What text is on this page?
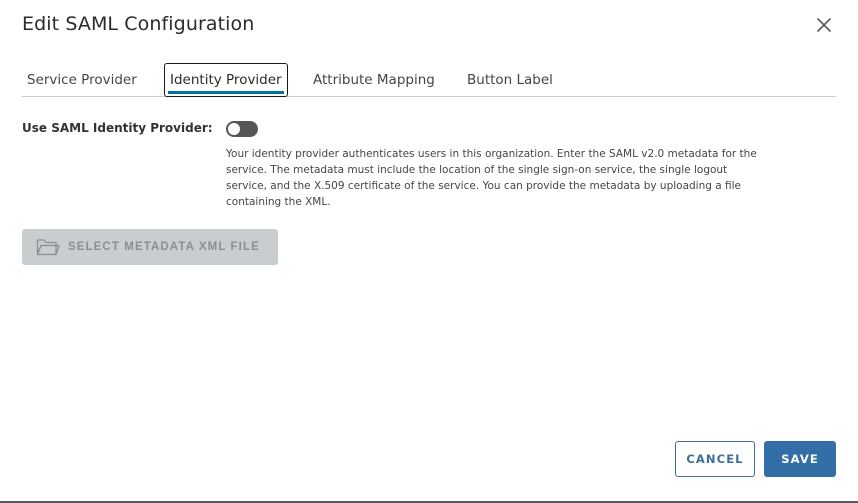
Edit SAML Configuration
Service Provider	Identity Provider	Attribute Mapping	Button Label
Use SAML Identity Provider:

Your identity provider authenticates users in this organization. Enter the SAML v2.0 metadata for the service. The metadata must include the location of the single sign-on service, the single logout service, and the X.509 certificate of the service. You can provide the metadata by uploading a file containing the XML.

SELECT METADATA XML FILE
CANCEL	SAVE
